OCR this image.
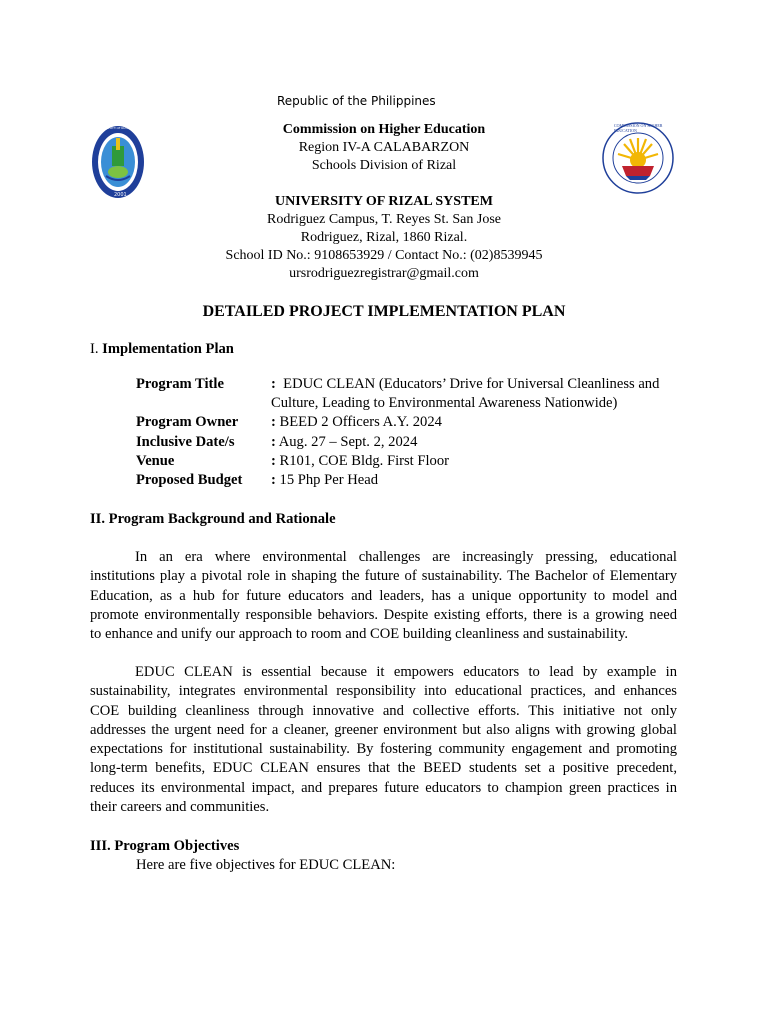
UNIVERSITY OF RIZAL SYSTEM
2001
COMMISSION ON HIGHER EDUCATION
Republic of the Philippines
Commission on Higher Education
Region IV-A CALABARZON
Schools Division of Rizal
UNIVERSITY OF RIZAL SYSTEM
Rodriguez Campus, T. Reyes St. San Jose
Rodriguez, Rizal, 1860 Rizal.
School ID No.: 9108653929 / Contact No.: (02)8539945
ursrodriguezregistrar@gmail.com
DETAILED PROJECT IMPLEMENTATION PLAN
I. Implementation Plan
Program Title	: EDUC CLEAN (Educators’ Drive for Universal Cleanliness and
Culture, Leading to Environmental Awareness Nationwide)
Program Owner : BEED 2 Officers A.Y. 2024
Inclusive Date/s : Aug. 27 – Sept. 2, 2024
Venue	: R101, COE Bldg. First Floor
Proposed Budget : 15 Php Per Head
II. Program Background and Rationale
In an era where environmental challenges are increasingly pressing, educational
institutions play a pivotal role in shaping the future of sustainability. The Bachelor of Elementary
Education, as a hub for future educators and leaders, has a unique opportunity to model and
promote environmentally responsible behaviors. Despite existing efforts, there is a growing need
to enhance and unify our approach to room and COE building cleanliness and sustainability.
EDUC CLEAN is essential because it empowers educators to lead by example in
sustainability, integrates environmental responsibility into educational practices, and enhances
COE building cleanliness through innovative and collective efforts. This initiative not only
addresses the urgent need for a cleaner, greener environment but also aligns with growing global
expectations for institutional sustainability. By fostering community engagement and promoting
long-term benefits, EDUC CLEAN ensures that the BEED students set a positive precedent,
reduces its environmental impact, and prepares future educators to champion green practices in
their careers and communities.
III. Program Objectives
Here are five objectives for EDUC CLEAN:
